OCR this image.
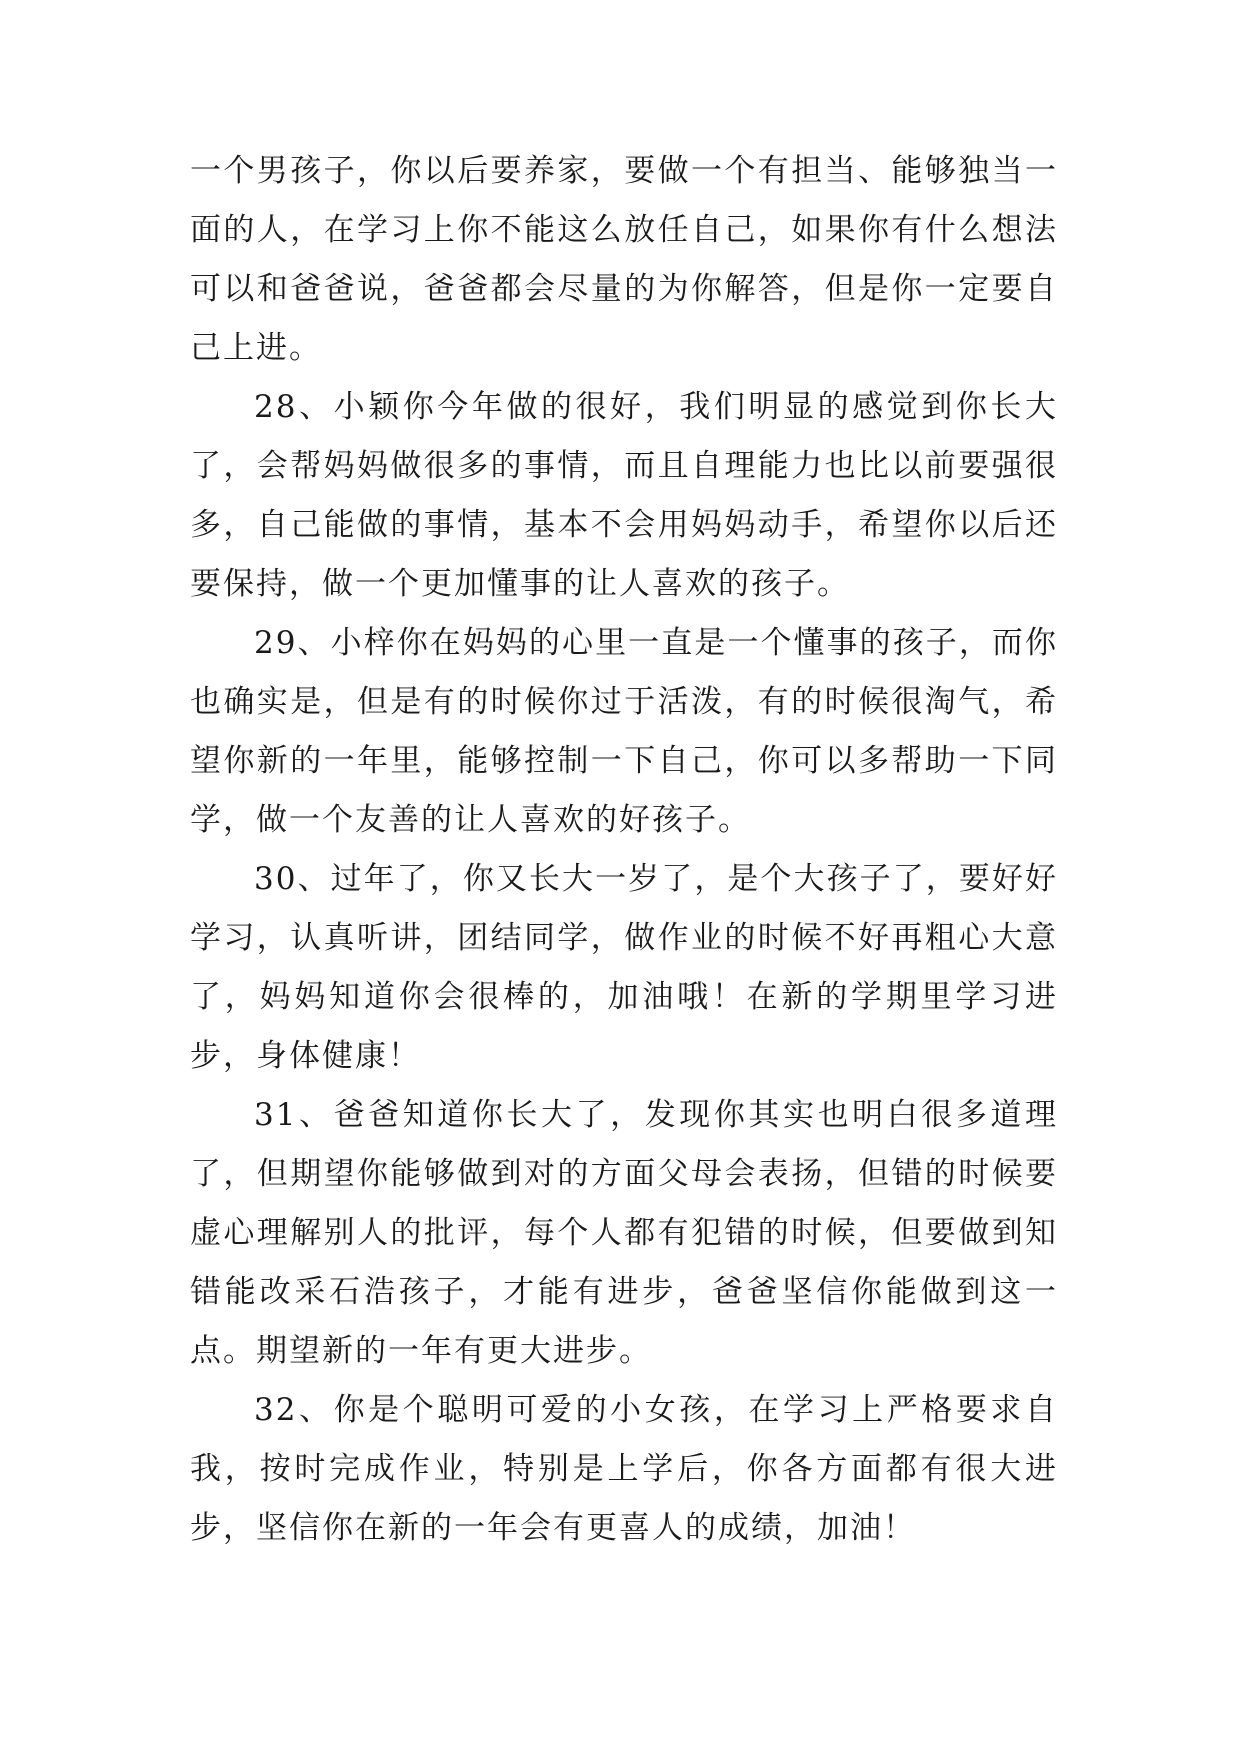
一个男孩子，你以后要养家，要做一个有担当、能够独当一面的人，在学习上你不能这么放任自己，如果你有什么想法可以和爸爸说，爸爸都会尽量的为你解答，但是你一定要自己上进。

28、小颖你今年做的很好，我们明显的感觉到你长大了，会帮妈妈做很多的事情，而且自理能力也比以前要强很多，自己能做的事情，基本不会用妈妈动手，希望你以后还要保持，做一个更加懂事的让人喜欢的孩子。

29、小梓你在妈妈的心里一直是一个懂事的孩子，而你也确实是，但是有的时候你过于活泼，有的时候很淘气，希望你新的一年里，能够控制一下自己，你可以多帮助一下同学，做一个友善的让人喜欢的好孩子。

30、过年了，你又长大一岁了，是个大孩子了，要好好学习，认真听讲，团结同学，做作业的时候不好再粗心大意了，妈妈知道你会很棒的，加油哦！在新的学期里学习进步，身体健康！

31、爸爸知道你长大了，发现你其实也明白很多道理了，但期望你能够做到对的方面父母会表扬，但错的时候要虚心理解别人的批评，每个人都有犯错的时候，但要做到知错能改采石浩孩子，才能有进步，爸爸坚信你能做到这一点。期望新的一年有更大进步。

32、你是个聪明可爱的小女孩，在学习上严格要求自我，按时完成作业，特别是上学后，你各方面都有很大进步，坚信你在新的一年会有更喜人的成绩，加油！
